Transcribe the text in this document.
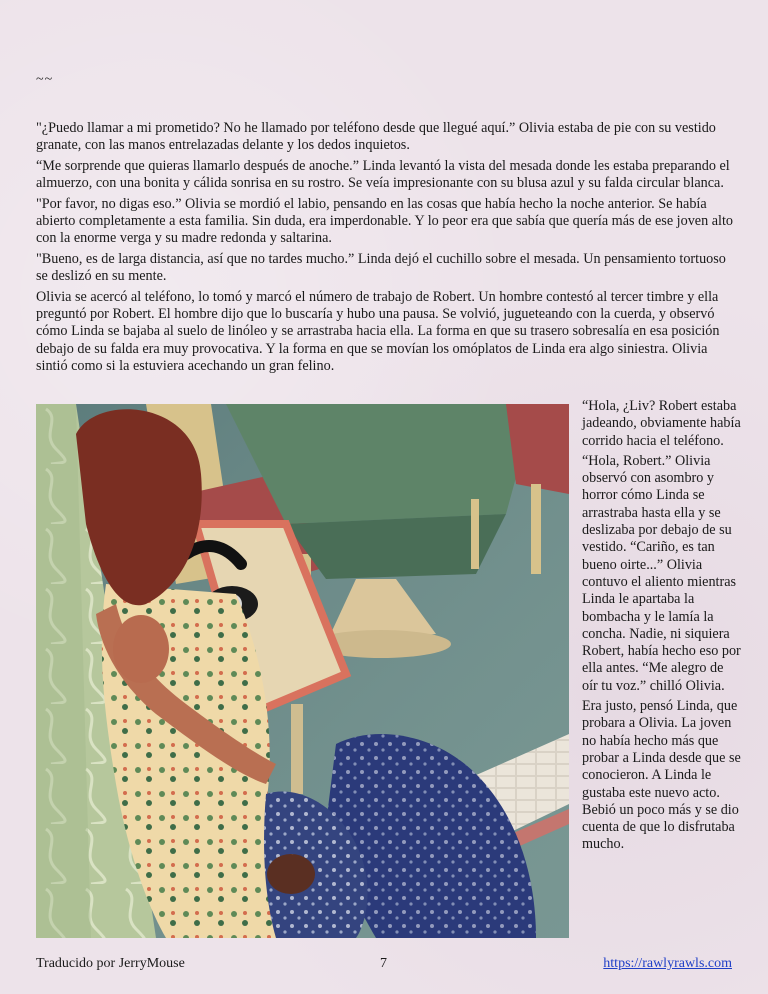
~~

"¿Puedo llamar a mi prometido? No he llamado por teléfono desde que llegué aquí.” Olivia estaba de pie con su vestido granate, con las manos entrelazadas delante y los dedos inquietos.

“Me sorprende que quieras llamarlo después de anoche.” Linda levantó la vista del mesada donde les estaba preparando el almuerzo, con una bonita y cálida sonrisa en su rostro. Se veía impresionante con su blusa azul y su falda circular blanca.

"Por favor, no digas eso.” Olivia se mordió el labio, pensando en las cosas que había hecho la noche anterior. Se había abierto completamente a esta familia. Sin duda, era imperdonable. Y lo peor era que sabía que quería más de ese joven alto con la enorme verga y su madre redonda y saltarina.

"Bueno, es de larga distancia, así que no tardes mucho.” Linda dejó el cuchillo sobre el mesada. Un pensamiento tortuoso se deslizó en su mente.

Olivia se acercó al teléfono, lo tomó y marcó el número de trabajo de Robert. Un hombre contestó al tercer timbre y ella preguntó por Robert. El hombre dijo que lo buscaría y hubo una pausa. Se volvió, jugueteando con la cuerda, y observó cómo Linda se bajaba al suelo de linóleo y se arrastraba hacia ella. La forma en que su trasero sobresalía en esa posición debajo de su falda era muy provocativa. Y la forma en que se movían los omóplatos de Linda era algo siniestra. Olivia sintió como si la estuviera acechando un gran felino.

“Hola, ¿Liv? Robert estaba jadeando, obviamente había corrido hacia el teléfono.

“Hola, Robert.” Olivia observó con asombro y horror cómo Linda se arrastraba hasta ella y se deslizaba por debajo de su vestido. “Cariño, es tan bueno oirte...” Olivia contuvo el aliento mientras Linda le apartaba la bombacha y le lamía la concha. Nadie, ni siquiera Robert, había hecho eso por ella antes. “Me alegro de oír tu voz.” chilló Olivia.

Era justo, pensó Linda, que probara a Olivia. La joven no había hecho más que probar a Linda desde que se conocieron. A Linda le gustaba este nuevo acto. Bebió un poco más y se dio cuenta de que lo disfrutaba mucho.

Traducido por JerryMouse	7	https://rawlyrawls.com
